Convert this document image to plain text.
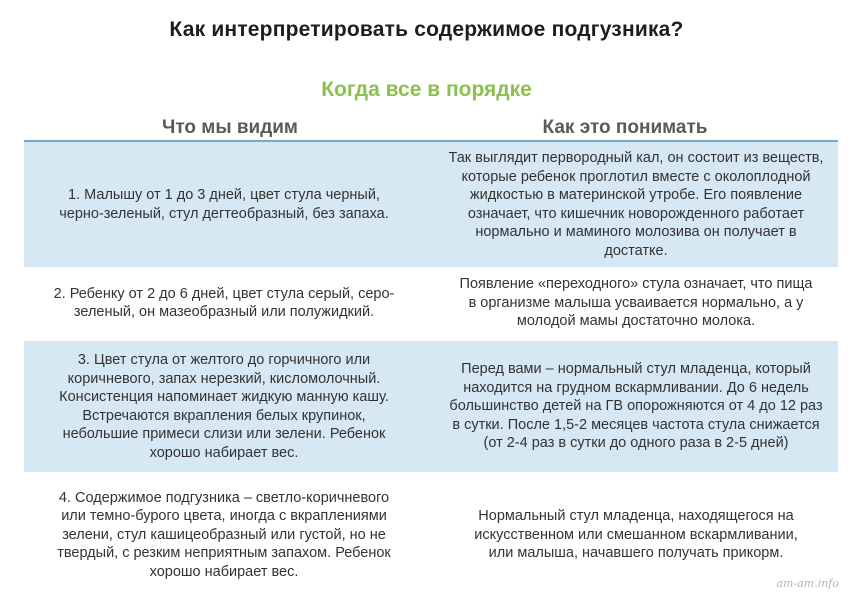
Как интерпретировать содержимое подгузника?
Когда все в порядке
Что мы видим	Как это понимать
1. Малышу от 1 до 3 дней, цвет стула черный, черно-зеленый, стул дегтеобразный, без запаха.
Так выглядит первородный кал, он состоит из веществ, которые ребенок проглотил вместе с околоплодной жидкостью в материнской утробе. Его появление означает, что кишечник новорожденного работает нормально и маминого молозива он получает в достатке.
2. Ребенку от 2 до 6 дней, цвет стула серый, серо-зеленый, он мазеобразный или полужидкий.
Появление «переходного» стула означает, что пища в организме малыша усваивается нормально, а у молодой мамы достаточно молока.
3. Цвет стула от желтого до горчичного или коричневого, запах нерезкий, кисломолочный. Консистенция напоминает жидкую манную кашу. Встречаются вкрапления белых крупинок, небольшие примеси слизи или зелени. Ребенок хорошо набирает вес.
Перед вами – нормальный стул младенца, который находится на грудном вскармливании. До 6 недель большинство детей на ГВ опорожняются от 4 до 12 раз в сутки. После 1,5-2 месяцев частота стула снижается (от 2-4 раз в сутки до одного раза в 2-5 дней)
4. Содержимое подгузника – светло-коричневого или темно-бурого цвета, иногда с вкраплениями зелени, стул кашицеобразный или густой, но не твердый, с резким неприятным запахом. Ребенок хорошо набирает вес.
Нормальный стул младенца, находящегося на искусственном или смешанном вскармливании, или малыша, начавшего получать прикорм.
am-am.info
